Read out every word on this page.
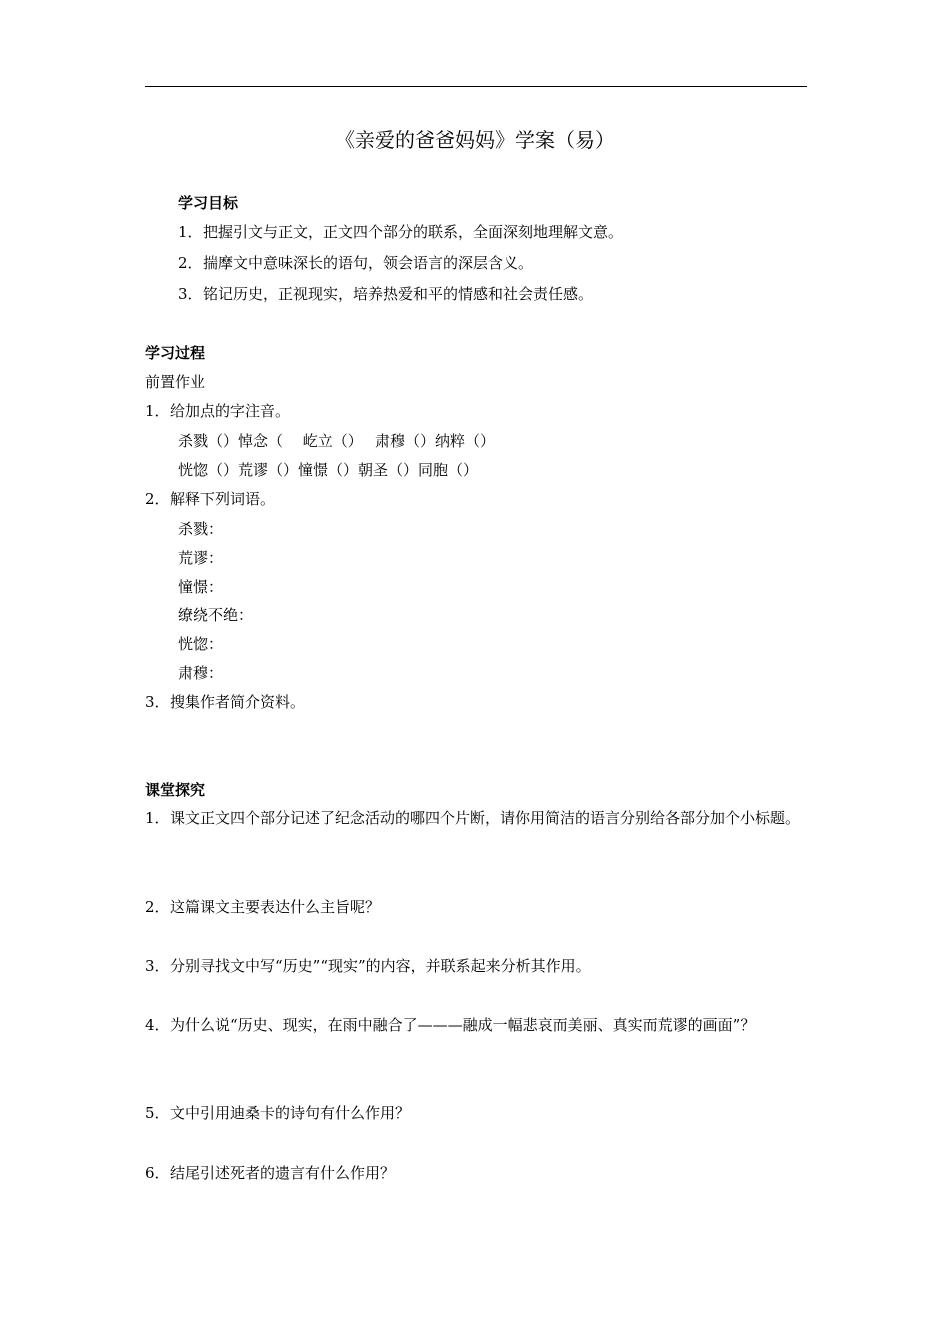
《亲爱的爸爸妈妈》学案（易）
学习目标
1．把握引文与正文，正文四个部分的联系，全面深刻地理解文意。
2．揣摩文中意味深长的语句，领会语言的深层含义。
3．铭记历史，正视现实，培养热爱和平的情感和社会责任感。
学习过程
前置作业
1．给加点的字注音。
杀戮（）悼念（　 屹立（）　 肃穆（）纳粹（）
恍惚（）荒谬（）憧憬（）朝圣（）同胞（）
2．解释下列词语。
杀戮：
荒谬：
憧憬：
缭绕不绝：
恍惚：
肃穆：
3．搜集作者简介资料。
课堂探究
1． 课文正文四个部分记述了纪念活动的哪四个片断，请你用简洁的语言分别给各部分加个小标题。
2． 这篇课文主要表达什么主旨呢？
3． 分别寻找文中写“历史”“现实”的内容，并联系起来分析其作用。
4． 为什么说“历史、现实，在雨中融合了———融成一幅悲哀而美丽、真实而荒谬的画面”？
5． 文中引用迪桑卡的诗句有什么作用？
6． 结尾引述死者的遗言有什么作用？
